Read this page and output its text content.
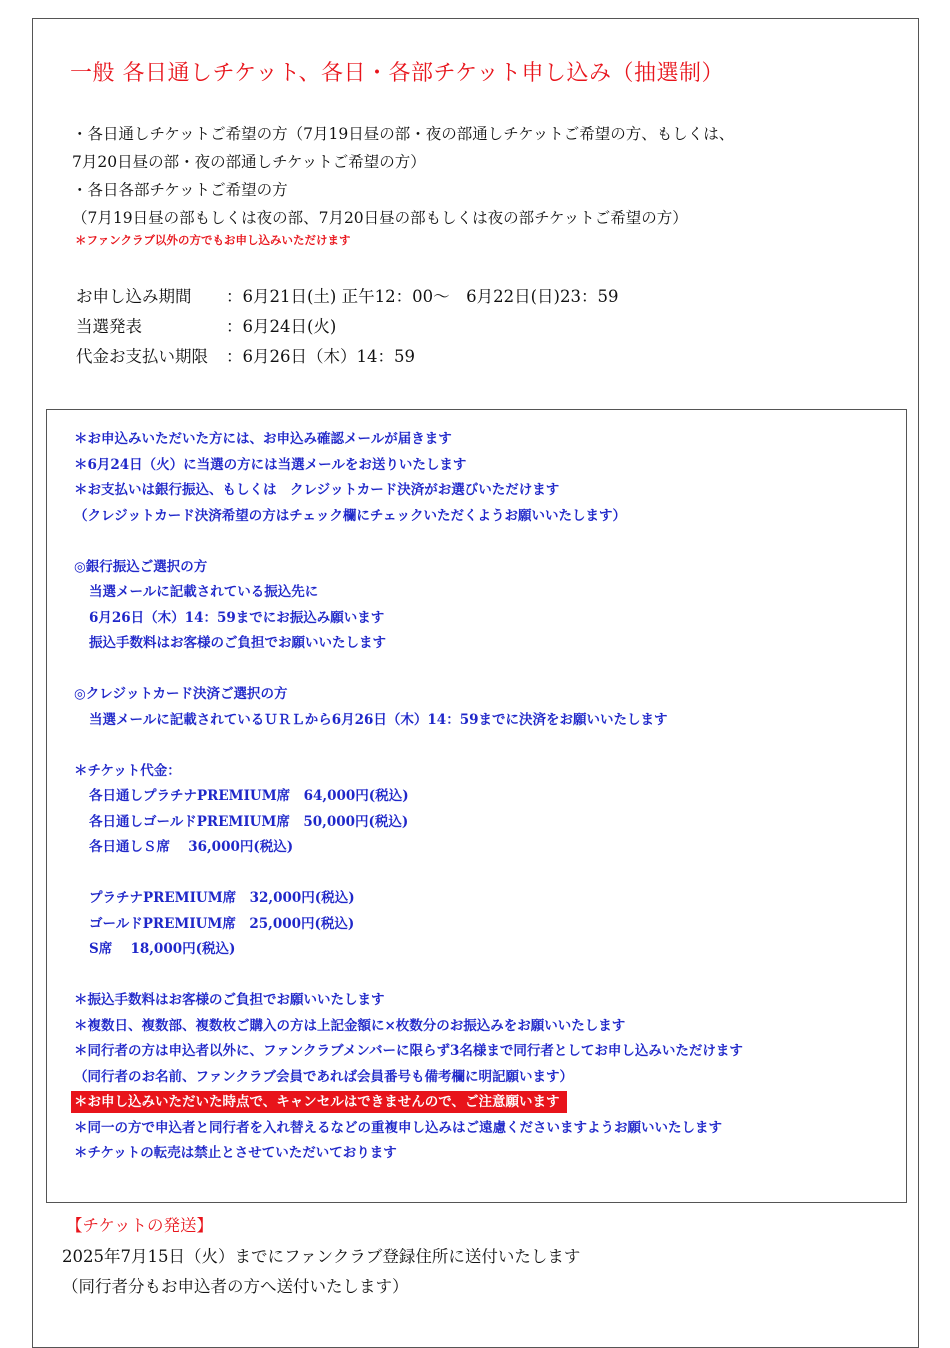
一般 各日通しチケット、各日・各部チケット申し込み（抽選制）
・各日通しチケットご希望の方（7月19日昼の部・夜の部通しチケットご希望の方、もしくは、
7月20日昼の部・夜の部通しチケットご希望の方）
・各日各部チケットご希望の方
（7月19日昼の部もしくは夜の部、7月20日昼の部もしくは夜の部チケットご希望の方）
＊ファンクラブ以外の方でもお申し込みいただけます
お申し込み期間 ：6月21日(土) 正午12：00〜　6月22日(日)23：59
当選発表	：6月24日(火)
代金お支払い期限 ：6月26日（木）14：59
＊お申込みいただいた方には、お申込み確認メールが届きます
＊6月24日（火）に当選の方には当選メールをお送りいたします
＊お支払いは銀行振込、もしくは　クレジットカード決済がお選びいただけます
（クレジットカード決済希望の方はチェック欄にチェックいただくようお願いいたします）
◎銀行振込ご選択の方
当選メールに記載されている振込先に
6月26日（木）14：59までにお振込み願います
振込手数料はお客様のご負担でお願いいたします
◎クレジットカード決済ご選択の方
当選メールに記載されているＵＲＬから6月26日（木）14：59までに決済をお願いいたします
＊チケット代金：
各日通しプラチナPREMIUM席　64,000円(税込)
各日通しゴールドPREMIUM席　50,000円(税込)
各日通しＳ席　 36,000円(税込)
プラチナPREMIUM席　32,000円(税込)
ゴールドPREMIUM席　25,000円(税込)
S席　 18,000円(税込)
＊振込手数料はお客様のご負担でお願いいたします
＊複数日、複数部、複数枚ご購入の方は上記金額に×枚数分のお振込みをお願いいたします
＊同行者の方は申込者以外に、ファンクラブメンバーに限らず3名様まで同行者としてお申し込みいただけます
（同行者のお名前、ファンクラブ会員であれば会員番号も備考欄に明記願います）
＊お申し込みいただいた時点で、キャンセルはできませんので、ご注意願います
＊同一の方で申込者と同行者を入れ替えるなどの重複申し込みはご遠慮くださいますようお願いいたします
＊チケットの転売は禁止とさせていただいております
【チケットの発送】
2025年7月15日（火）までにファンクラブ登録住所に送付いたします
（同行者分もお申込者の方へ送付いたします）
